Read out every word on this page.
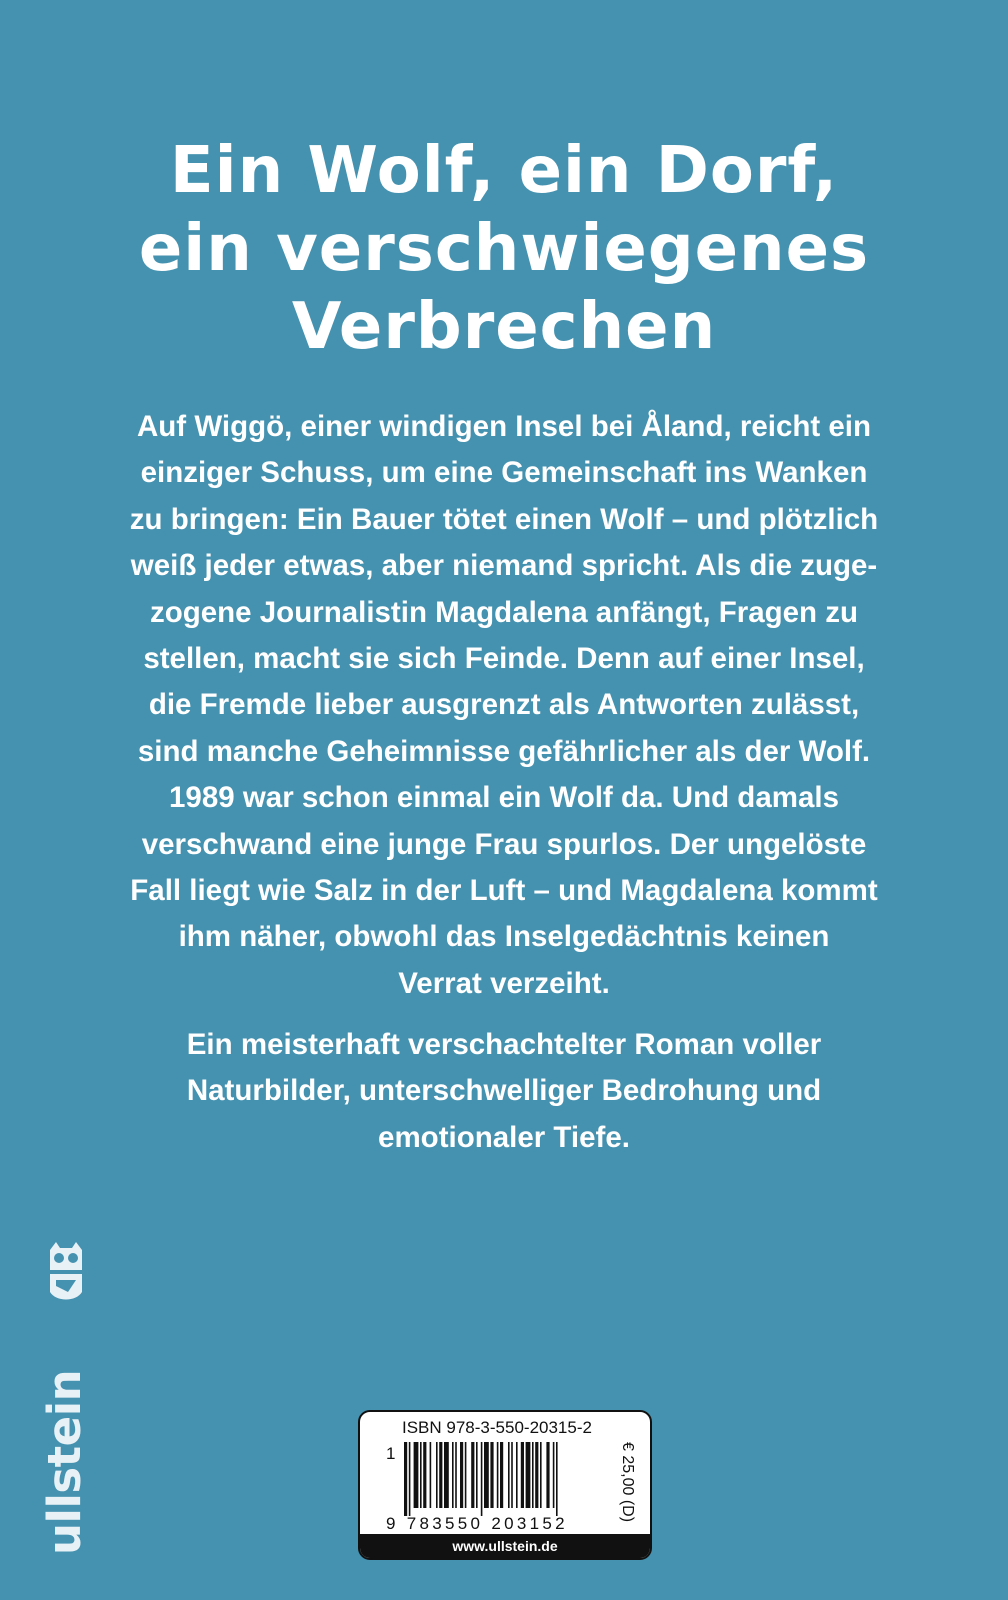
Ein Wolf, ein Dorf,
ein verschwiegenes
Verbrechen
Auf Wiggö, einer windigen Insel bei Åland, reicht ein
einziger Schuss, um eine Gemeinschaft ins Wanken
zu bringen: Ein Bauer tötet einen Wolf – und plötzlich
weiß jeder etwas, aber niemand spricht. Als die zuge-
zogene Journalistin Magdalena anfängt, Fragen zu
stellen, macht sie sich Feinde. Denn auf einer Insel,
die Fremde lieber ausgrenzt als Antworten zulässt,
sind manche Geheimnisse gefährlicher als der Wolf.
1989 war schon einmal ein Wolf da. Und damals
verschwand eine junge Frau spurlos. Der ungelöste
Fall liegt wie Salz in der Luft – und Magdalena kommt
ihm näher, obwohl das Inselgedächtnis keinen
Verrat verzeiht.
Ein meisterhaft verschachtelter Roman voller
Naturbilder, unterschwelliger Bedrohung und
emotionaler Tiefe.
ullstein	ISBN 978-3-550-20315-2
1
9 783550 203152
€ 25,00 (D)
www.ullstein.de
